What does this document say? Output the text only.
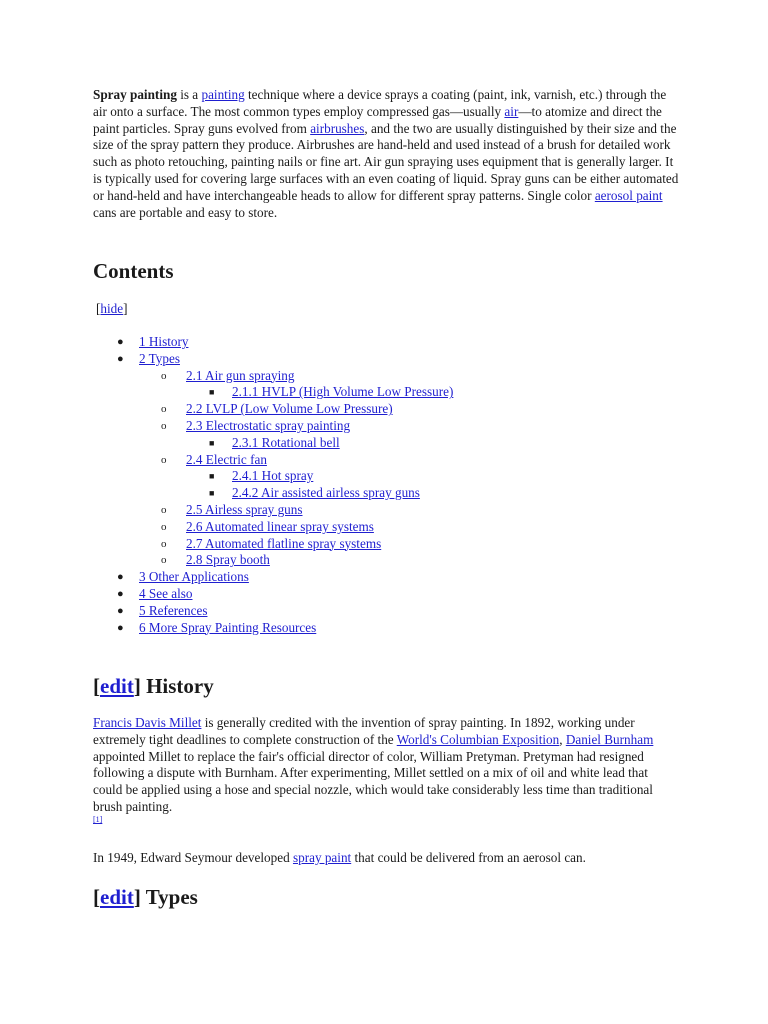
Spray painting is a painting technique where a device sprays a coating (paint, ink, varnish, etc.) through the air onto a surface. The most common types employ compressed gas—usually air—to atomize and direct the paint particles. Spray guns evolved from airbrushes, and the two are usually distinguished by their size and the size of the spray pattern they produce. Airbrushes are hand-held and used instead of a brush for detailed work such as photo retouching, painting nails or fine art. Air gun spraying uses equipment that is generally larger. It is typically used for covering large surfaces with an even coating of liquid. Spray guns can be either automated or hand-held and have interchangeable heads to allow for different spray patterns. Single color aerosol paint cans are portable and easy to store.

Contents
[hide]
● 1 History
● 2 Types
o 2.1 Air gun spraying
■ 2.1.1 HVLP (High Volume Low Pressure)
o 2.2 LVLP (Low Volume Low Pressure)
o 2.3 Electrostatic spray painting
■ 2.3.1 Rotational bell
o 2.4 Electric fan
■ 2.4.1 Hot spray
■ 2.4.2 Air assisted airless spray guns
o 2.5 Airless spray guns
o 2.6 Automated linear spray systems
o 2.7 Automated flatline spray systems
o 2.8 Spray booth
● 3 Other Applications
● 4 See also
● 5 References
● 6 More Spray Painting Resources
[edit] History

Francis Davis Millet is generally credited with the invention of spray painting. In 1892, working under extremely tight deadlines to complete construction of the World's Columbian Exposition, Daniel Burnham appointed Millet to replace the fair's official director of color, William Pretyman. Pretyman had resigned following a dispute with Burnham. After experimenting, Millet settled on a mix of oil and white lead that could be applied using a hose and special nozzle, which would take considerably less time than traditional brush painting.

[1]

In 1949, Edward Seymour developed spray paint that could be delivered from an aerosol can.

[edit] Types
